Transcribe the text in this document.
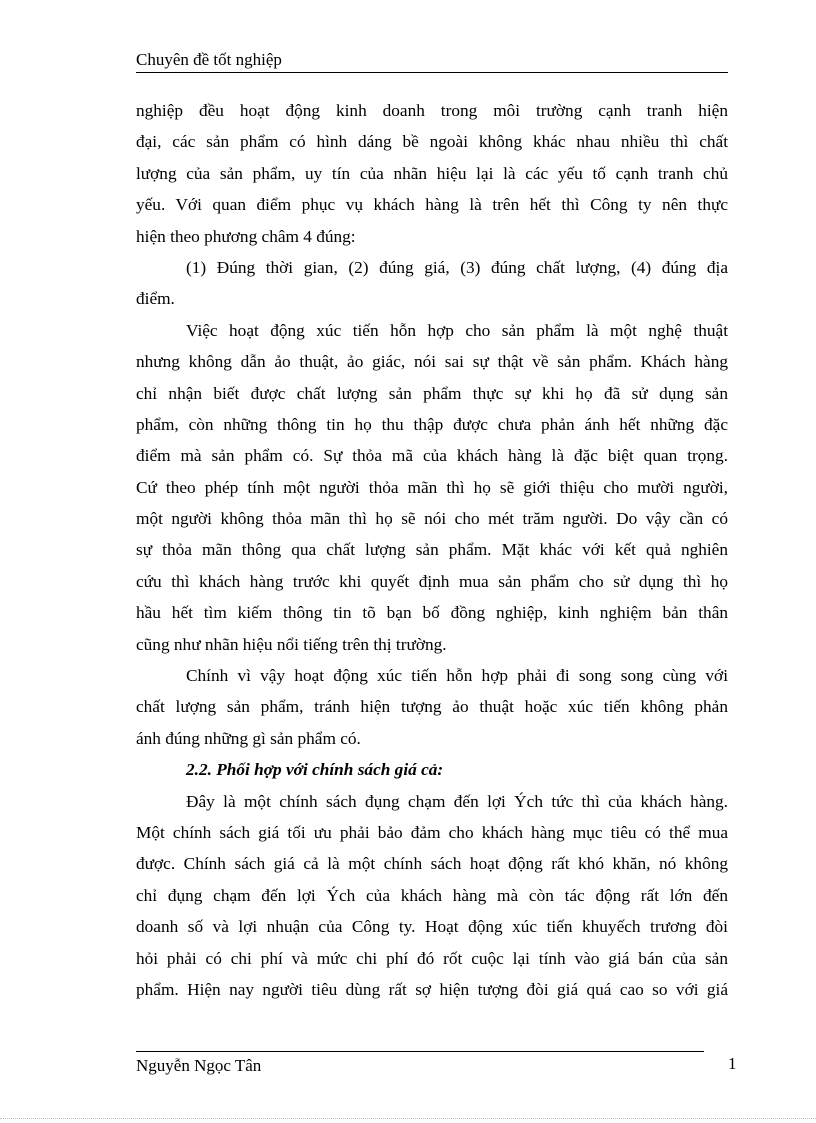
Chuyên đề tốt nghiệp
nghiệp đều hoạt động kinh doanh trong môi trường cạnh tranh hiện
đại, các sản phẩm có hình dáng bề ngoài không khác nhau nhiều thì chất
lượng của sản phẩm, uy tín của nhãn hiệu lại là các yếu tố cạnh tranh chủ
yếu. Với quan điểm phục vụ khách hàng là trên hết thì Công ty nên thực
hiện theo phương châm 4 đúng:
(1) Đúng thời gian, (2) đúng giá, (3) đúng chất lượng, (4) đúng địa
điểm.
Việc hoạt động xúc tiến hỗn hợp cho sản phẩm là một nghệ thuật
nhưng không dẫn ảo thuật, ảo giác, nói sai sự thật về sản phẩm. Khách hàng
chỉ nhận biết được chất lượng sản phẩm thực sự khi họ đã sử dụng sản
phẩm, còn những thông tin họ thu thập được chưa phản ánh hết những đặc
điểm mà sản phẩm có. Sự thỏa mã của khách hàng là đặc biệt quan trọng.
Cứ theo phép tính một người thỏa mãn thì họ sẽ giới thiệu cho mười người,
một người không thỏa mãn thì họ sẽ nói cho mét trăm người. Do vậy cần có
sự thỏa mãn thông qua chất lượng sản phẩm. Mặt khác với kết quả nghiên
cứu thì khách hàng trước khi quyết định mua sản phẩm cho sử dụng thì họ
hầu hết tìm kiếm thông tin tõ bạn bố đồng nghiệp, kinh nghiệm bản thân
cũng như nhãn hiệu nổi tiếng trên thị trường.
Chính vì vậy hoạt động xúc tiến hỗn hợp phải đi song song cùng với
chất lượng sản phẩm, tránh hiện tượng ảo thuật hoặc xúc tiến không phản
ánh đúng những gì sản phẩm có.
2.2. Phối hợp với chính sách giá cả:
Đây là một chính sách đụng chạm đến lợi Ých tức thì của khách hàng.
Một chính sách giá tối ưu phải bảo đảm cho khách hàng mục tiêu có thể mua
được. Chính sách giá cả là một chính sách hoạt động rất khó khăn, nó không
chỉ đụng chạm đến lợi Ých của khách hàng mà còn tác động rất lớn đến
doanh số và lợi nhuận của Công ty. Hoạt động xúc tiến khuyếch trương đòi
hỏi phải có chi phí và mức chi phí đó rốt cuộc lại tính vào giá bán của sản
phẩm. Hiện nay người tiêu dùng rất sợ hiện tượng đòi giá quá cao so với giá
Nguyễn Ngọc Tân	1
